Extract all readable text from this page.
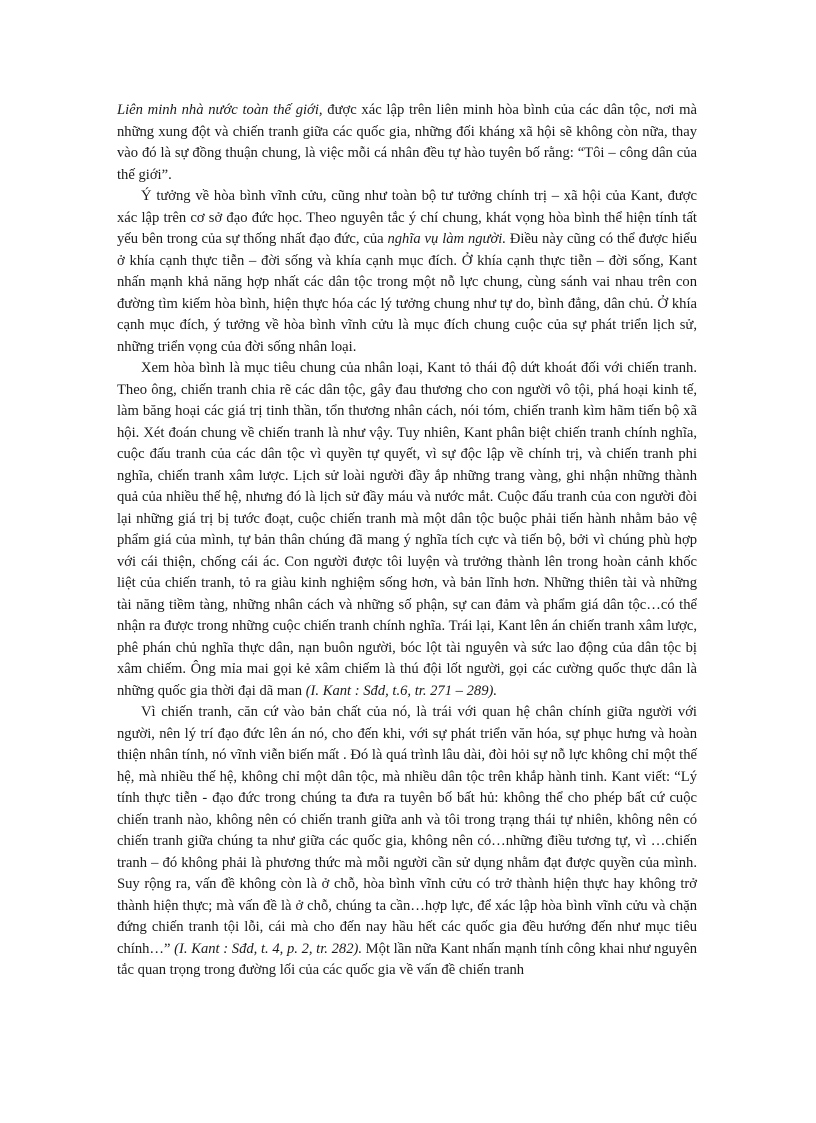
Liên minh nhà nước toàn thế giới, được xác lập trên liên minh hòa bình của các dân tộc, nơi mà những xung đột và chiến tranh giữa các quốc gia, những đối kháng xã hội sẽ không còn nữa, thay vào đó là sự đồng thuận chung, là việc mỗi cá nhân đều tự hào tuyên bố rằng: “Tôi – công dân của thế giới”.

Ý tưởng về hòa bình vĩnh cửu, cũng như toàn bộ tư tưởng chính trị – xã hội của Kant, được xác lập trên cơ sở đạo đức học. Theo nguyên tắc ý chí chung, khát vọng hòa bình thể hiện tính tất yếu bên trong của sự thống nhất đạo đức, của nghĩa vụ làm người. Điều này cũng có thể được hiểu ở khía cạnh thực tiễn – đời sống và khía cạnh mục đích. Ở khía cạnh thực tiễn – đời sống, Kant nhấn mạnh khả năng hợp nhất các dân tộc trong một nỗ lực chung, cùng sánh vai nhau trên con đường tìm kiếm hòa bình, hiện thực hóa các lý tưởng chung như tự do, bình đẳng, dân chủ. Ở khía cạnh mục đích, ý tưởng về hòa bình vĩnh cửu là mục đích chung cuộc của sự phát triển lịch sử, những triển vọng của đời sống nhân loại.

Xem hòa bình là mục tiêu chung của nhân loại, Kant tỏ thái độ dứt khoát đối với chiến tranh. Theo ông, chiến tranh chia rẽ các dân tộc, gây đau thương cho con người vô tội, phá hoại kinh tế, làm băng hoại các giá trị tinh thần, tổn thương nhân cách, nói tóm, chiến tranh kìm hãm tiến bộ xã hội. Xét đoán chung về chiến tranh là như vậy. Tuy nhiên, Kant phân biệt chiến tranh chính nghĩa, cuộc đấu tranh của các dân tộc vì quyền tự quyết, vì sự độc lập về chính trị, và chiến tranh phi nghĩa, chiến tranh xâm lược. Lịch sử loài người đầy ắp những trang vàng, ghi nhận những thành quả của nhiều thế hệ, nhưng đó là lịch sử đầy máu và nước mắt. Cuộc đấu tranh của con người đòi lại những giá trị bị tước đoạt, cuộc chiến tranh mà một dân tộc buộc phải tiến hành nhằm bảo vệ phẩm giá của mình, tự bản thân chúng đã mang ý nghĩa tích cực và tiến bộ, bởi vì chúng phù hợp với cái thiện, chống cái ác. Con người được tôi luyện và trưởng thành lên trong hoàn cảnh khốc liệt của chiến tranh, tỏ ra giàu kinh nghiệm sống hơn, và bản lĩnh hơn. Những thiên tài và những tài năng tiềm tàng, những nhân cách và những số phận, sự can đảm và phẩm giá dân tộc…có thể nhận ra được trong những cuộc chiến tranh chính nghĩa. Trái lại, Kant lên án chiến tranh xâm lược, phê phán chủ nghĩa thực dân, nạn buôn người, bóc lột tài nguyên và sức lao động của dân tộc bị xâm chiếm. Ông mỉa mai gọi kẻ xâm chiếm là thú đội lốt người, gọi các cường quốc thực dân là những quốc gia thời đại dã man (I. Kant : Sđd, t.6, tr. 271 – 289).

Vì chiến tranh, căn cứ vào bản chất của nó, là trái với quan hệ chân chính giữa người với người, nên lý trí đạo đức lên án nó, cho đến khi, với sự phát triển văn hóa, sự phục hưng và hoàn thiện nhân tính, nó vĩnh viễn biến mất . Đó là quá trình lâu dài, đòi hỏi sự nỗ lực không chỉ một thế hệ, mà nhiều thế hệ, không chỉ một dân tộc, mà nhiều dân tộc trên khắp hành tinh. Kant viết: “Lý tính thực tiễn - đạo đức trong chúng ta đưa ra tuyên bố bất hủ: không thể cho phép bất cứ cuộc chiến tranh nào, không nên có chiến tranh giữa anh và tôi trong trạng thái tự nhiên, không nên có chiến tranh giữa chúng ta như giữa các quốc gia, không nên có…những điều tương tự, vì …chiến tranh – đó không phải là phương thức mà mỗi người cần sử dụng nhằm đạt được quyền của mình. Suy rộng ra, vấn đề không còn là ở chỗ, hòa bình vĩnh cửu có trở thành hiện thực hay không trở thành hiện thực; mà vấn đề là ở chỗ, chúng ta cần…hợp lực, để xác lập hòa bình vĩnh cửu và chặn đứng chiến tranh tội lỗi, cái mà cho đến nay hầu hết các quốc gia đều hướng đến như mục tiêu chính…” (I. Kant : Sđd, t. 4, p. 2, tr. 282). Một lần nữa Kant nhấn mạnh tính công khai như nguyên tắc quan trọng trong đường lối của các quốc gia về vấn đề chiến tranh
